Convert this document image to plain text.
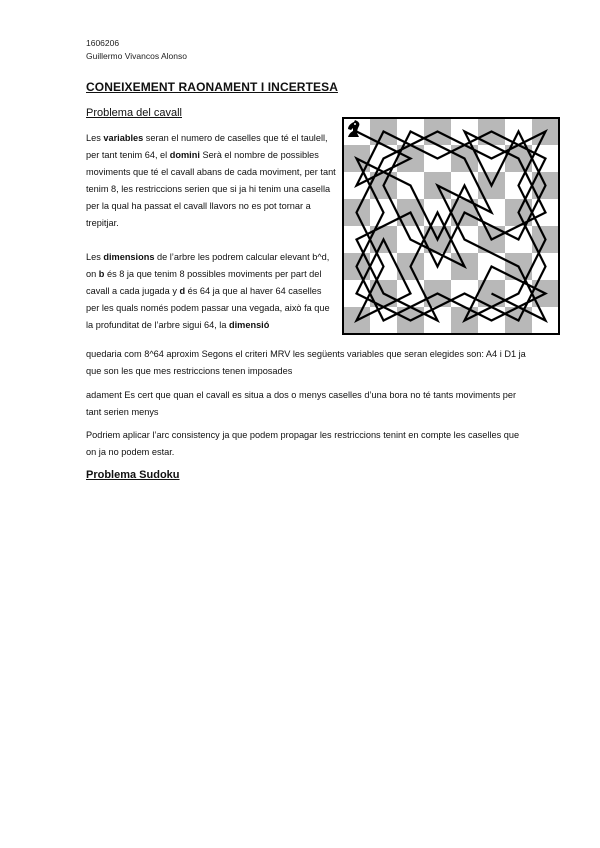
1606206
Guillermo Vivancos Alonso
CONEIXEMENT RAONAMENT I INCERTESA
Problema del cavall

Les variables seran el numero de caselles que té el taulell, per tant tenim 64, el domini Serà el nombre de possibles moviments que té el cavall abans de cada moviment, per tant tenim 8, les restriccions serien que si ja hi tenim una casella per la qual ha passat el cavall llavors no es pot tornar a trepitjar.

Les dimensions de l’arbre les podrem calcular elevant b^d, on b és 8 ja que tenim 8 possibles moviments per part del cavall a cada jugada y d és 64 ja que al haver 64 caselles per les quals només podem passar una vegada, això fa que la profunditat de l’arbre sigui 64, la dimensió

quedaria com 8^64 aproxim Segons el criteri MRV les següents variables que seran elegides son: A4 i D1 ja que son les que mes restriccions tenen imposades

adament Es cert que quan el cavall es situa a dos o menys caselles d’una bora no té tants moviments per tant serien menys

Podriem aplicar l’arc consistency ja que podem propagar les restriccions tenint en compte les caselles que on ja no podem estar.

Problema Sudoku
